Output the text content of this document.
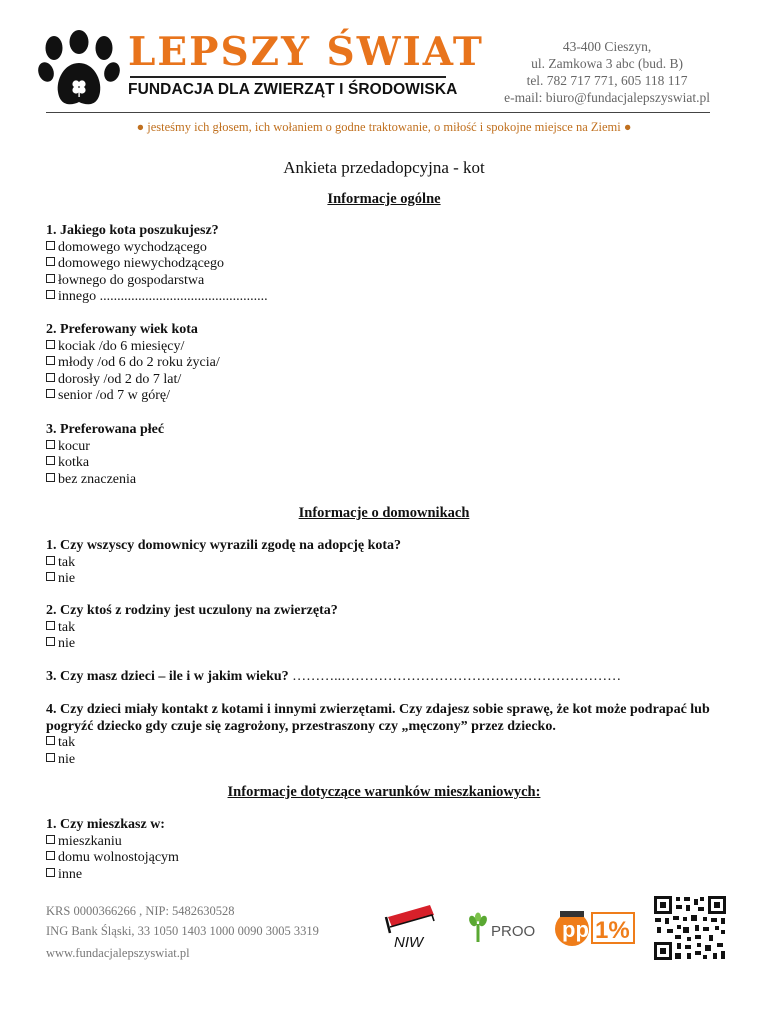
LEPSZY ŚWIAT
FUNDACJA DLA ZWIERZĄT I ŚRODOWISKA
43-400 Cieszyn,
ul. Zamkowa 3 abc (bud. B)
tel. 782 717 771, 605 118 117
e-mail: biuro@fundacjalepszyswiat.pl
● jesteśmy ich głosem, ich wołaniem o godne traktowanie, o miłość i spokojne miejsce na Ziemi ●
Ankieta przedadopcyjna - kot
Informacje ogólne
1. Jakiego kota poszukujesz?
domowego wychodzącego
domowego niewychodzącego
łownego do gospodarstwa
innego ................................................
2. Preferowany wiek kota
kociak /do 6 miesięcy/
młody /od 6 do 2 roku życia/
dorosły /od 2 do 7 lat/
senior /od 7 w górę/
3. Preferowana płeć
kocur
kotka
bez znaczenia
Informacje o domownikach
1. Czy wszyscy domownicy wyrazili zgodę na adopcję kota?
tak
nie
2. Czy ktoś z rodziny jest uczulony na zwierzęta?
tak
nie
3. Czy masz dzieci – ile i w jakim wieku? ………..……………………………………………………
4. Czy dzieci miały kontakt z kotami i innymi zwierzętami. Czy zdajesz sobie sprawę, że kot może podrapać lub pogryźć dziecko gdy czuje się zagrożony, przestraszony czy „męczony” przez dziecko.
tak
nie
Informacje dotyczące warunków mieszkaniowych:
1. Czy mieszkasz w:
mieszkaniu
domu wolnostojącym
inne
KRS 0000366266 , NIP: 5482630528
ING Bank Śląski, 33 1050 1403 1000 0090 3005 3319
www.fundacjalepszyswiat.pl
NIW
PROO pp 1%
